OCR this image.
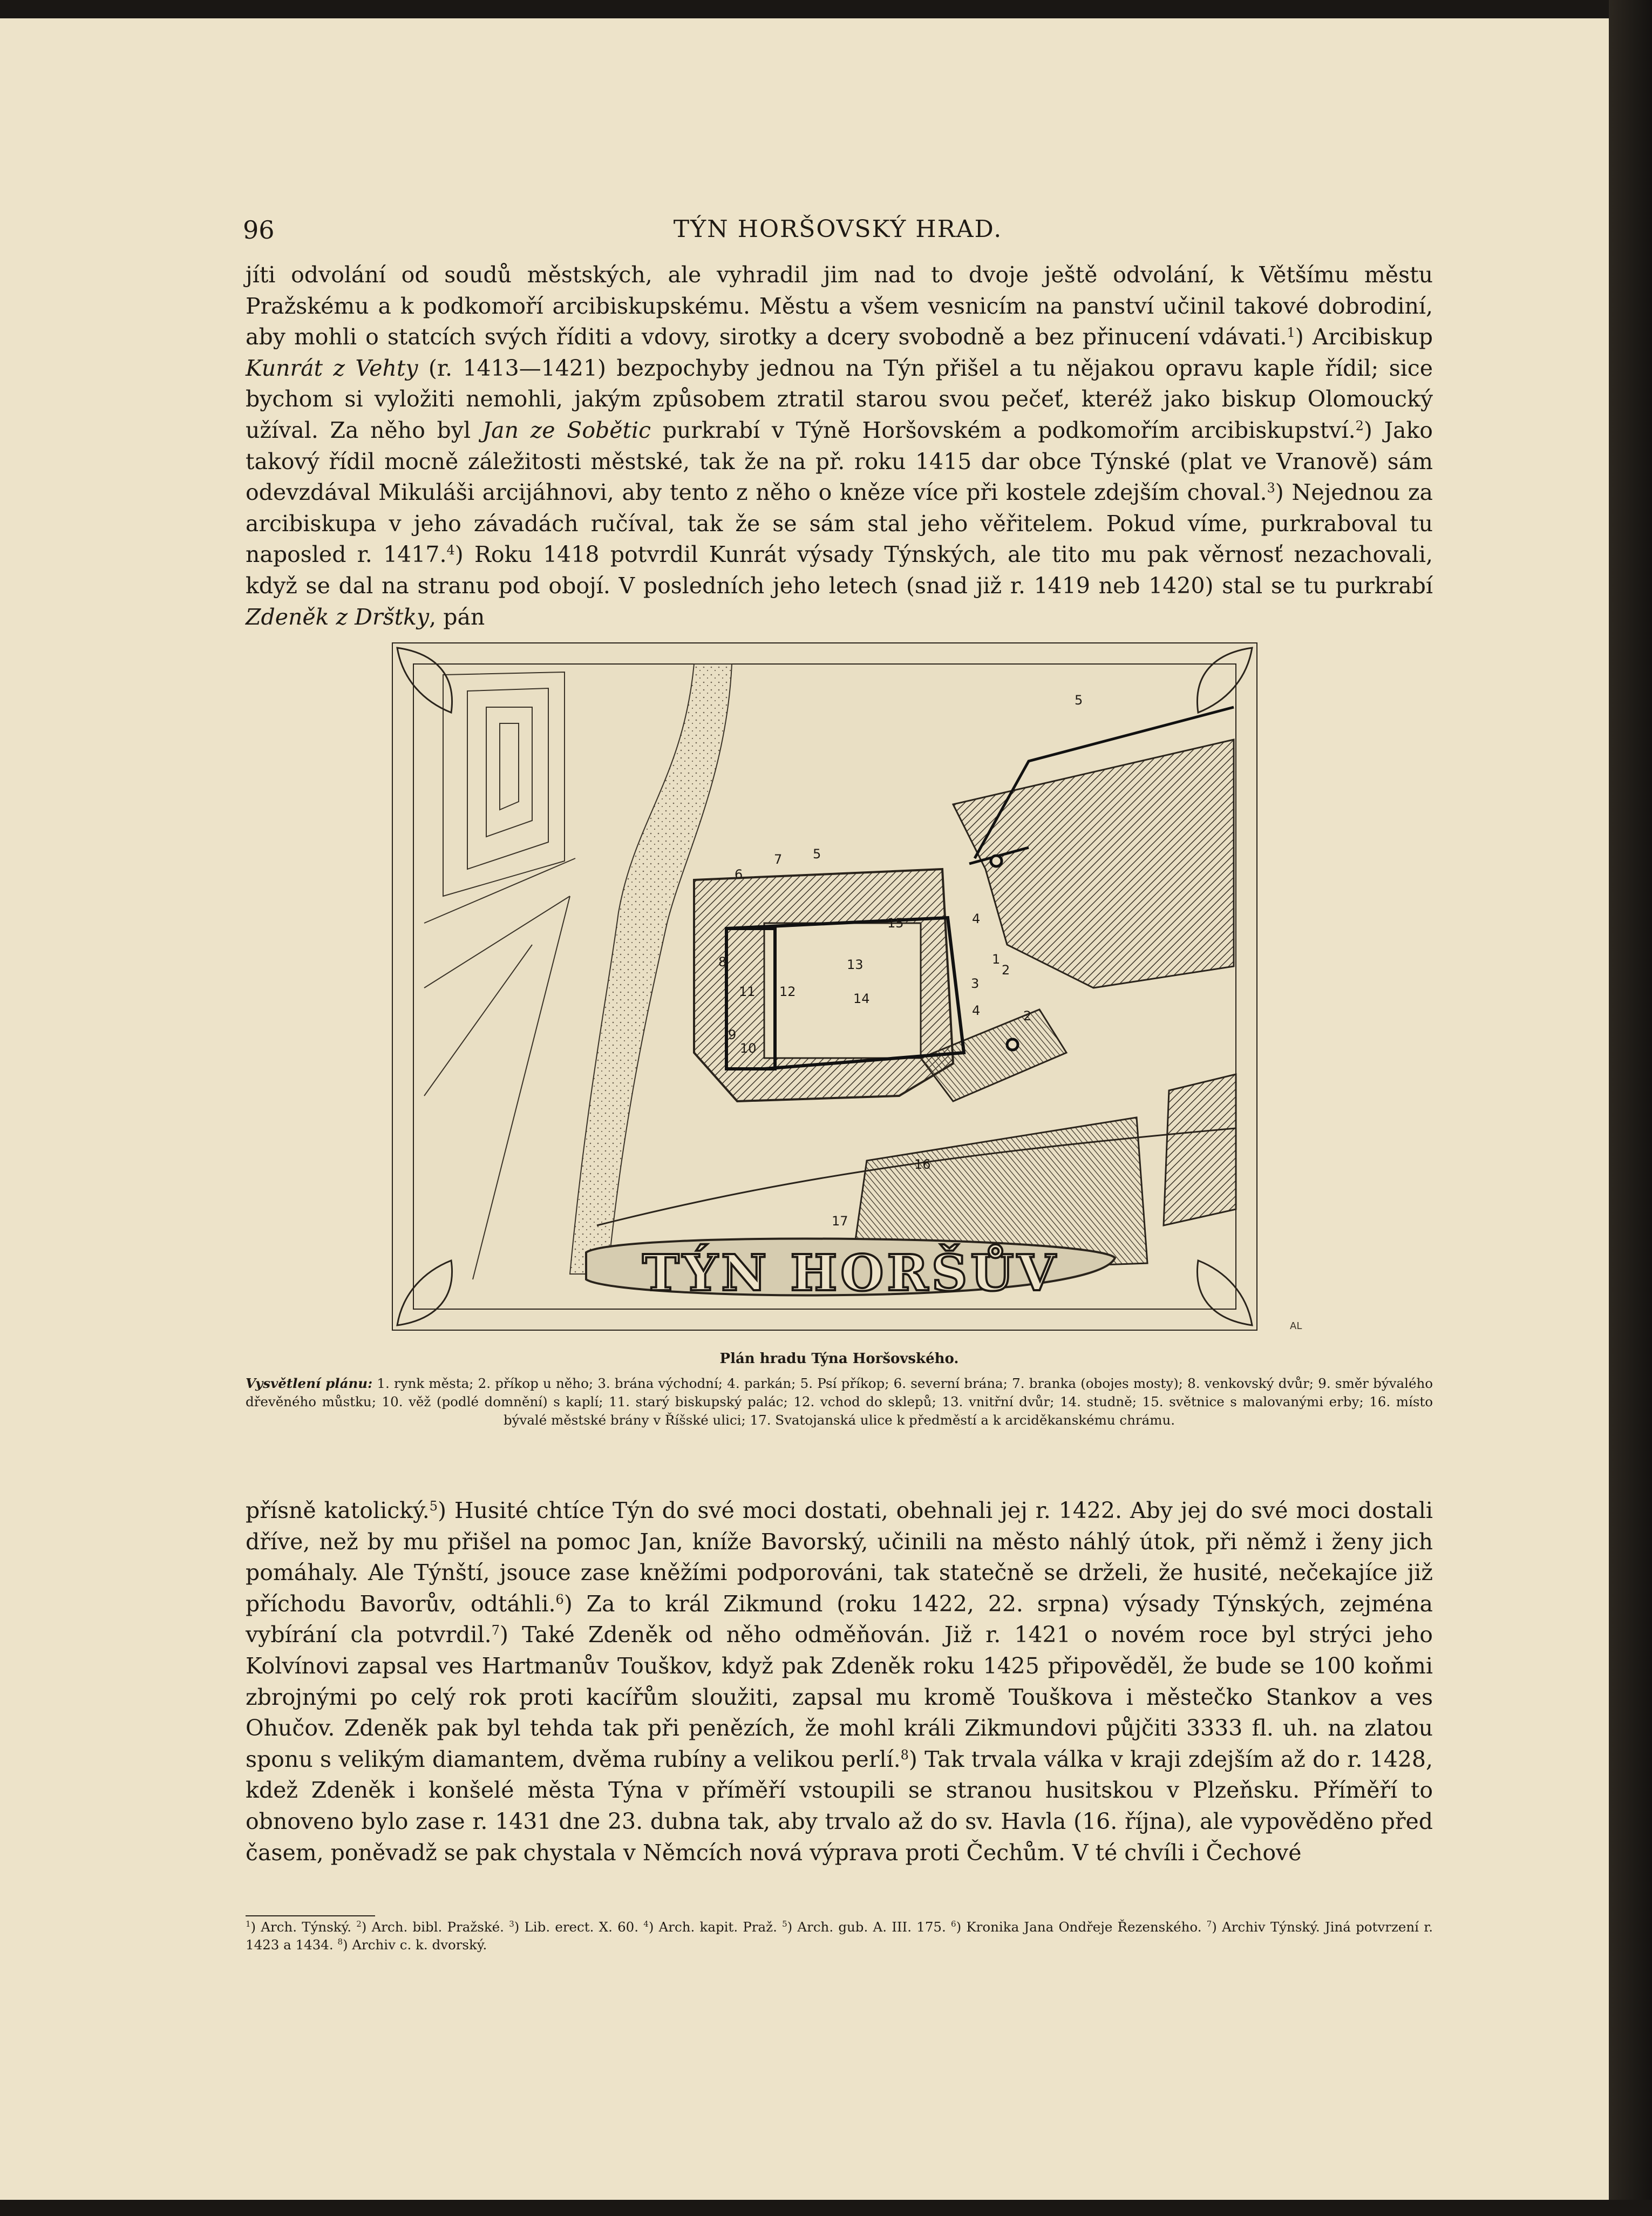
96	TÝN HORŠOVSKÝ HRAD.

jíti odvolání od soudů městských, ale vyhradil jim nad to dvoje ještě odvolání, k Většímu městu Pražskému a k podkomoří arcibiskupskému. Městu a všem vesnicím na panství učinil takové dobrodiní, aby mohli o statcích svých říditi a vdovy, sirotky a dcery svobodně a bez přinucení vdávati.$^1$) Arcibiskup Kunrát z Vehty (r. 1413—1421) bezpochyby jednou na Týn přišel a tu nějakou opravu kaple řídil; sice bychom si vyložiti nemohli, jakým způsobem ztratil starou svou pečeť, kteréž jako biskup Olomoucký užíval. Za něho byl Jan ze Sobětic purkrabí v Týně Horšovském a podkomořím arcibiskupství.$^2$) Jako takový řídil mocně záležitosti městské, tak že na př. roku 1415 dar obce Týnské (plat ve Vranově) sám odevzdával Mikuláši arcijáhnovi, aby tento z něho o kněze více při kostele zdejším choval.$^3$) Nejednou za arcibiskupa v jeho závadách ručíval, tak že se sám stal jeho věřitelem. Pokud víme, purkraboval tu naposled r. 1417.$^4$) Roku 1418 potvrdil Kunrát výsady Týnských, ale tito mu pak věrnosť nezachovali, když se dal na stranu pod obojí. V posledních jeho letech (snad již r. 1419 neb 1420) stal se tu purkrabí Zdeněk z Drštky, pán

TÝN HORŠŮV
1
2
2
3
4
4
5
5
6
7
8
9
10
11 12
13
14
15
16
17
AL
Plán hradu Týna Horšovského.
Vysvětlení plánu: 1. rynk města; 2. příkop u něho; 3. brána východní; 4. parkán; 5. Psí příkop; 6. severní brána; 7. branka (obojes mosty); 8. venkovský dvůr; 9. směr bývalého dřevěného můstku; 10. věž (podlé domnění) s kaplí; 11. starý biskupský palác; 12. vchod do sklepů; 13. vnitřní dvůr; 14. studně; 15. světnice s malovanými erby; 16. místo bývalé městské brány v Říšské ulici; 17. Svatojanská ulice k předměstí a k arciděkanskému chrámu.

přísně katolický.$^5$) Husité chtíce Týn do své moci dostati, obehnali jej r. 1422. Aby jej do své moci dostali dříve, než by mu přišel na pomoc Jan, kníže Bavorský, učinili na město náhlý útok, při němž i ženy jich pomáhaly. Ale Týnští, jsouce zase kněžími podporováni, tak statečně se drželi, že husité, nečekajíce již příchodu Bavorův, odtáhli.$^6$) Za to král Zikmund (roku 1422, 22. srpna) výsady Týnských, zejména vybírání cla potvrdil.$^7$) Také Zdeněk od něho odměňován. Již r. 1421 o novém roce byl strýci jeho Kolvínovi zapsal ves Hartmanův Touškov, když pak Zdeněk roku 1425 připověděl, že bude se 100 koňmi zbrojnými po celý rok proti kacířům sloužiti, zapsal mu kromě Touškova i městečko Stankov a ves Ohučov. Zdeněk pak byl tehda tak při penězích, že mohl králi Zikmundovi půjčiti 3333 fl. uh. na zlatou sponu s velikým diamantem, dvěma rubíny a velikou perlí.$^8$) Tak trvala válka v kraji zdejším až do r. 1428, kdež Zdeněk i konšelé města Týna v příměří vstoupili se stranou husitskou v Plzeňsku. Příměří to obnoveno bylo zase r. 1431 dne 23. dubna tak, aby trvalo až do sv. Havla (16. října), ale vypověděno před časem, poněvadž se pak chystala v Němcích nová výprava proti Čechům. V té chvíli i Čechové

$^1$) Arch. Týnský. $^2$) Arch. bibl. Pražské. $^3$) Lib. erect. X. 60. $^4$) Arch. kapit. Praž. $^5$) Arch. gub. A. III. 175. $^6$) Kronika Jana Ondřeje Řezenského. $^7$) Archiv Týnský. Jiná potvrzení r. 1423 a 1434. $^8$) Archiv c. k. dvorský.
